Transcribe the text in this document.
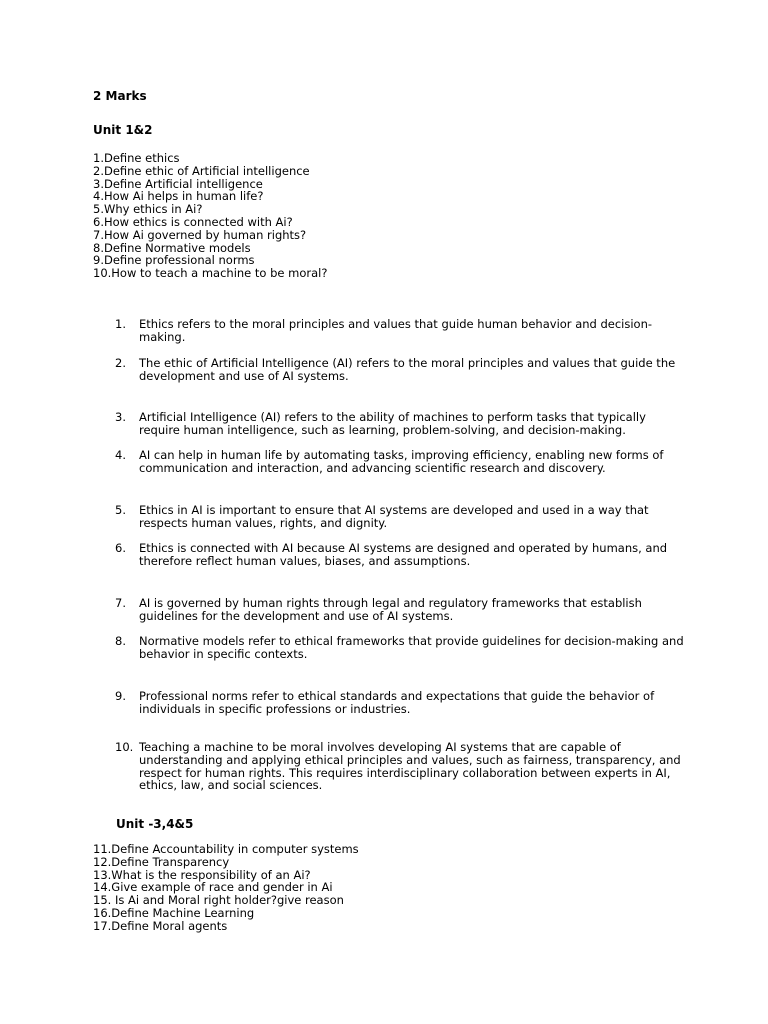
2 Marks
Unit 1&2
1.Define ethics
2.Define ethic of Artificial intelligence
3.Define Artificial intelligence
4.How Ai helps in human life?
5.Why ethics in Ai?
6.How ethics is connected with Ai?
7.How Ai governed by human rights?
8.Define Normative models
9.Define professional norms
10.How to teach a machine to be moral?
1. Ethics refers to the moral principles and values that guide human behavior and decision-making.
2. The ethic of Artificial Intelligence (AI) refers to the moral principles and values that guide the development and use of AI systems.
3. Artificial Intelligence (AI) refers to the ability of machines to perform tasks that typically require human intelligence, such as learning, problem-solving, and decision-making.
4. AI can help in human life by automating tasks, improving efficiency, enabling new forms of communication and interaction, and advancing scientific research and discovery.
5. Ethics in AI is important to ensure that AI systems are developed and used in a way that respects human values, rights, and dignity.
6. Ethics is connected with AI because AI systems are designed and operated by humans, and therefore reflect human values, biases, and assumptions.
7. AI is governed by human rights through legal and regulatory frameworks that establish guidelines for the development and use of AI systems.
8. Normative models refer to ethical frameworks that provide guidelines for decision-making and behavior in specific contexts.
9. Professional norms refer to ethical standards and expectations that guide the behavior of individuals in specific professions or industries.
10. Teaching a machine to be moral involves developing AI systems that are capable of understanding and applying ethical principles and values, such as fairness, transparency, and respect for human rights. This requires interdisciplinary collaboration between experts in AI, ethics, law, and social sciences.
Unit -3,4&5
11.Define Accountability in computer systems
12.Define Transparency
13.What is the responsibility of an Ai?
14.Give example of race and gender in Ai
15. Is Ai and Moral right holder?give reason
16.Define Machine Learning
17.Define Moral agents
